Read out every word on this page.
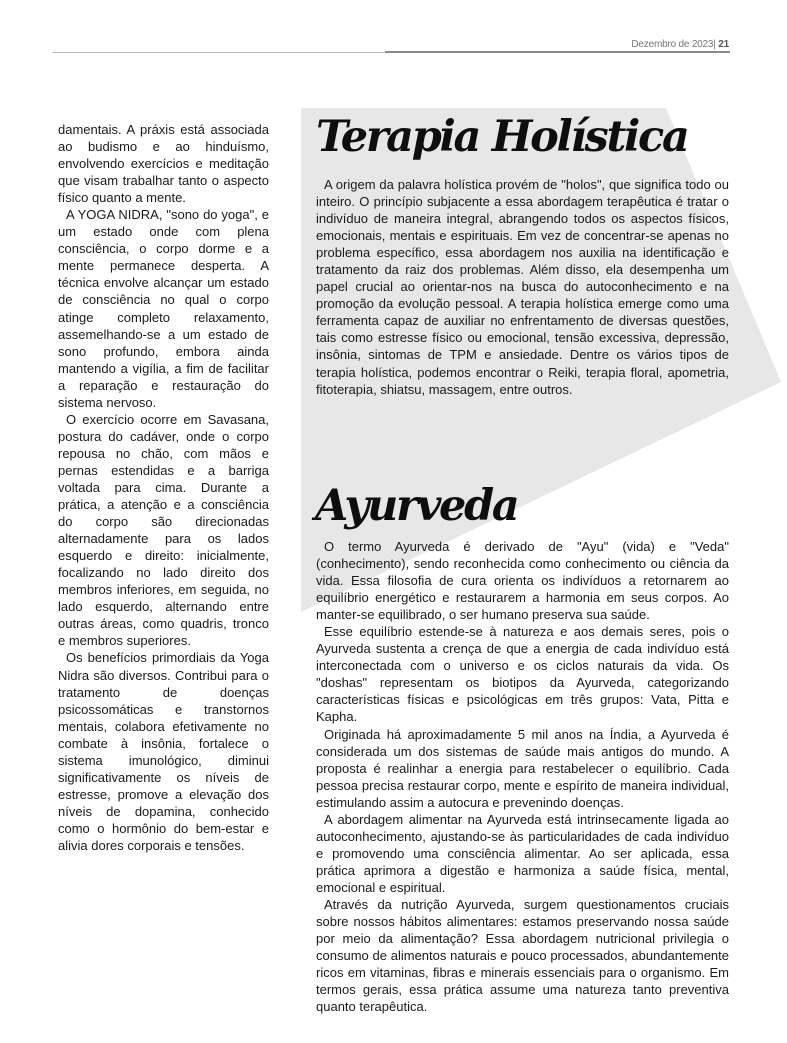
Dezembro de 2023| 21

damentais. A práxis está associada ao budismo e ao hinduísmo, envolvendo exercícios e meditação que visam trabalhar tanto o aspecto físico quanto a mente.

A YOGA NIDRA, "sono do yoga", e um estado onde com plena consciência, o corpo dorme e a mente permanece desperta. A técnica envolve alcançar um estado de consciência no qual o corpo atinge completo relaxamento, assemelhando-se a um estado de sono profundo, embora ainda mantendo a vigília, a fim de facilitar a reparação e restauração do sistema nervoso.

O exercício ocorre em Savasana, postura do cadáver, onde o corpo repousa no chão, com mãos e pernas estendidas e a barriga voltada para cima. Durante a prática, a atenção e a consciência do corpo são direcionadas alternadamente para os lados esquerdo e direito: inicialmente, focalizando no lado direito dos membros inferiores, em seguida, no lado esquerdo, alternando entre outras áreas, como quadris, tronco e membros superiores.

Os benefícios primordiais da Yoga Nidra são diversos. Contribui para o tratamento de doenças psicossomáticas e transtornos mentais, colabora efetivamente no combate à insônia, fortalece o sistema imunológico, diminui significativamente os níveis de estresse, promove a elevação dos níveis de dopamina, conhecido como o hormônio do bem-estar e alivia dores corporais e tensões.

Terapia Holística

A origem da palavra holística provém de "holos", que significa todo ou inteiro. O princípio subjacente a essa abordagem terapêutica é tratar o indivíduo de maneira integral, abrangendo todos os aspectos físicos, emocionais, mentais e espirituais. Em vez de concentrar-se apenas no problema específico, essa abordagem nos auxilia na identificação e tratamento da raiz dos problemas. Além disso, ela desempenha um papel crucial ao orientar-nos na busca do autoconhecimento e na promoção da evolução pessoal. A terapia holística emerge como uma ferramenta capaz de auxiliar no enfrentamento de diversas questões, tais como estresse físico ou emocional, tensão excessiva, depressão, insônia, sintomas de TPM e ansiedade. Dentre os vários tipos de terapia holística, podemos encontrar o Reiki, terapia floral, apometria, fitoterapia, shiatsu, massagem, entre outros.

Ayurveda

O termo Ayurveda é derivado de "Ayu" (vida) e "Veda" (conhecimento), sendo reconhecida como conhecimento ou ciência da vida. Essa filosofia de cura orienta os indivíduos a retornarem ao equilíbrio energético e restaurarem a harmonia em seus corpos. Ao manter-se equilibrado, o ser humano preserva sua saúde.

Esse equilíbrio estende-se à natureza e aos demais seres, pois o Ayurveda sustenta a crença de que a energia de cada indivíduo está interconectada com o universo e os ciclos naturais da vida. Os "doshas" representam os biotipos da Ayurveda, categorizando características físicas e psicológicas em três grupos: Vata, Pitta e Kapha.

Originada há aproximadamente 5 mil anos na Índia, a Ayurveda é considerada um dos sistemas de saúde mais antigos do mundo. A proposta é realinhar a energia para restabelecer o equilíbrio. Cada pessoa precisa restaurar corpo, mente e espírito de maneira individual, estimulando assim a autocura e prevenindo doenças.

A abordagem alimentar na Ayurveda está intrinsecamente ligada ao autoconhecimento, ajustando-se às particularidades de cada indivíduo e promovendo uma consciência alimentar. Ao ser aplicada, essa prática aprimora a digestão e harmoniza a saúde física, mental, emocional e espiritual.

Através da nutrição Ayurveda, surgem questionamentos cruciais sobre nossos hábitos alimentares: estamos preservando nossa saúde por meio da alimentação? Essa abordagem nutricional privilegia o consumo de alimentos naturais e pouco processados, abundantemente ricos em vitaminas, fibras e minerais essenciais para o organismo. Em termos gerais, essa prática assume uma natureza tanto preventiva quanto terapêutica.
